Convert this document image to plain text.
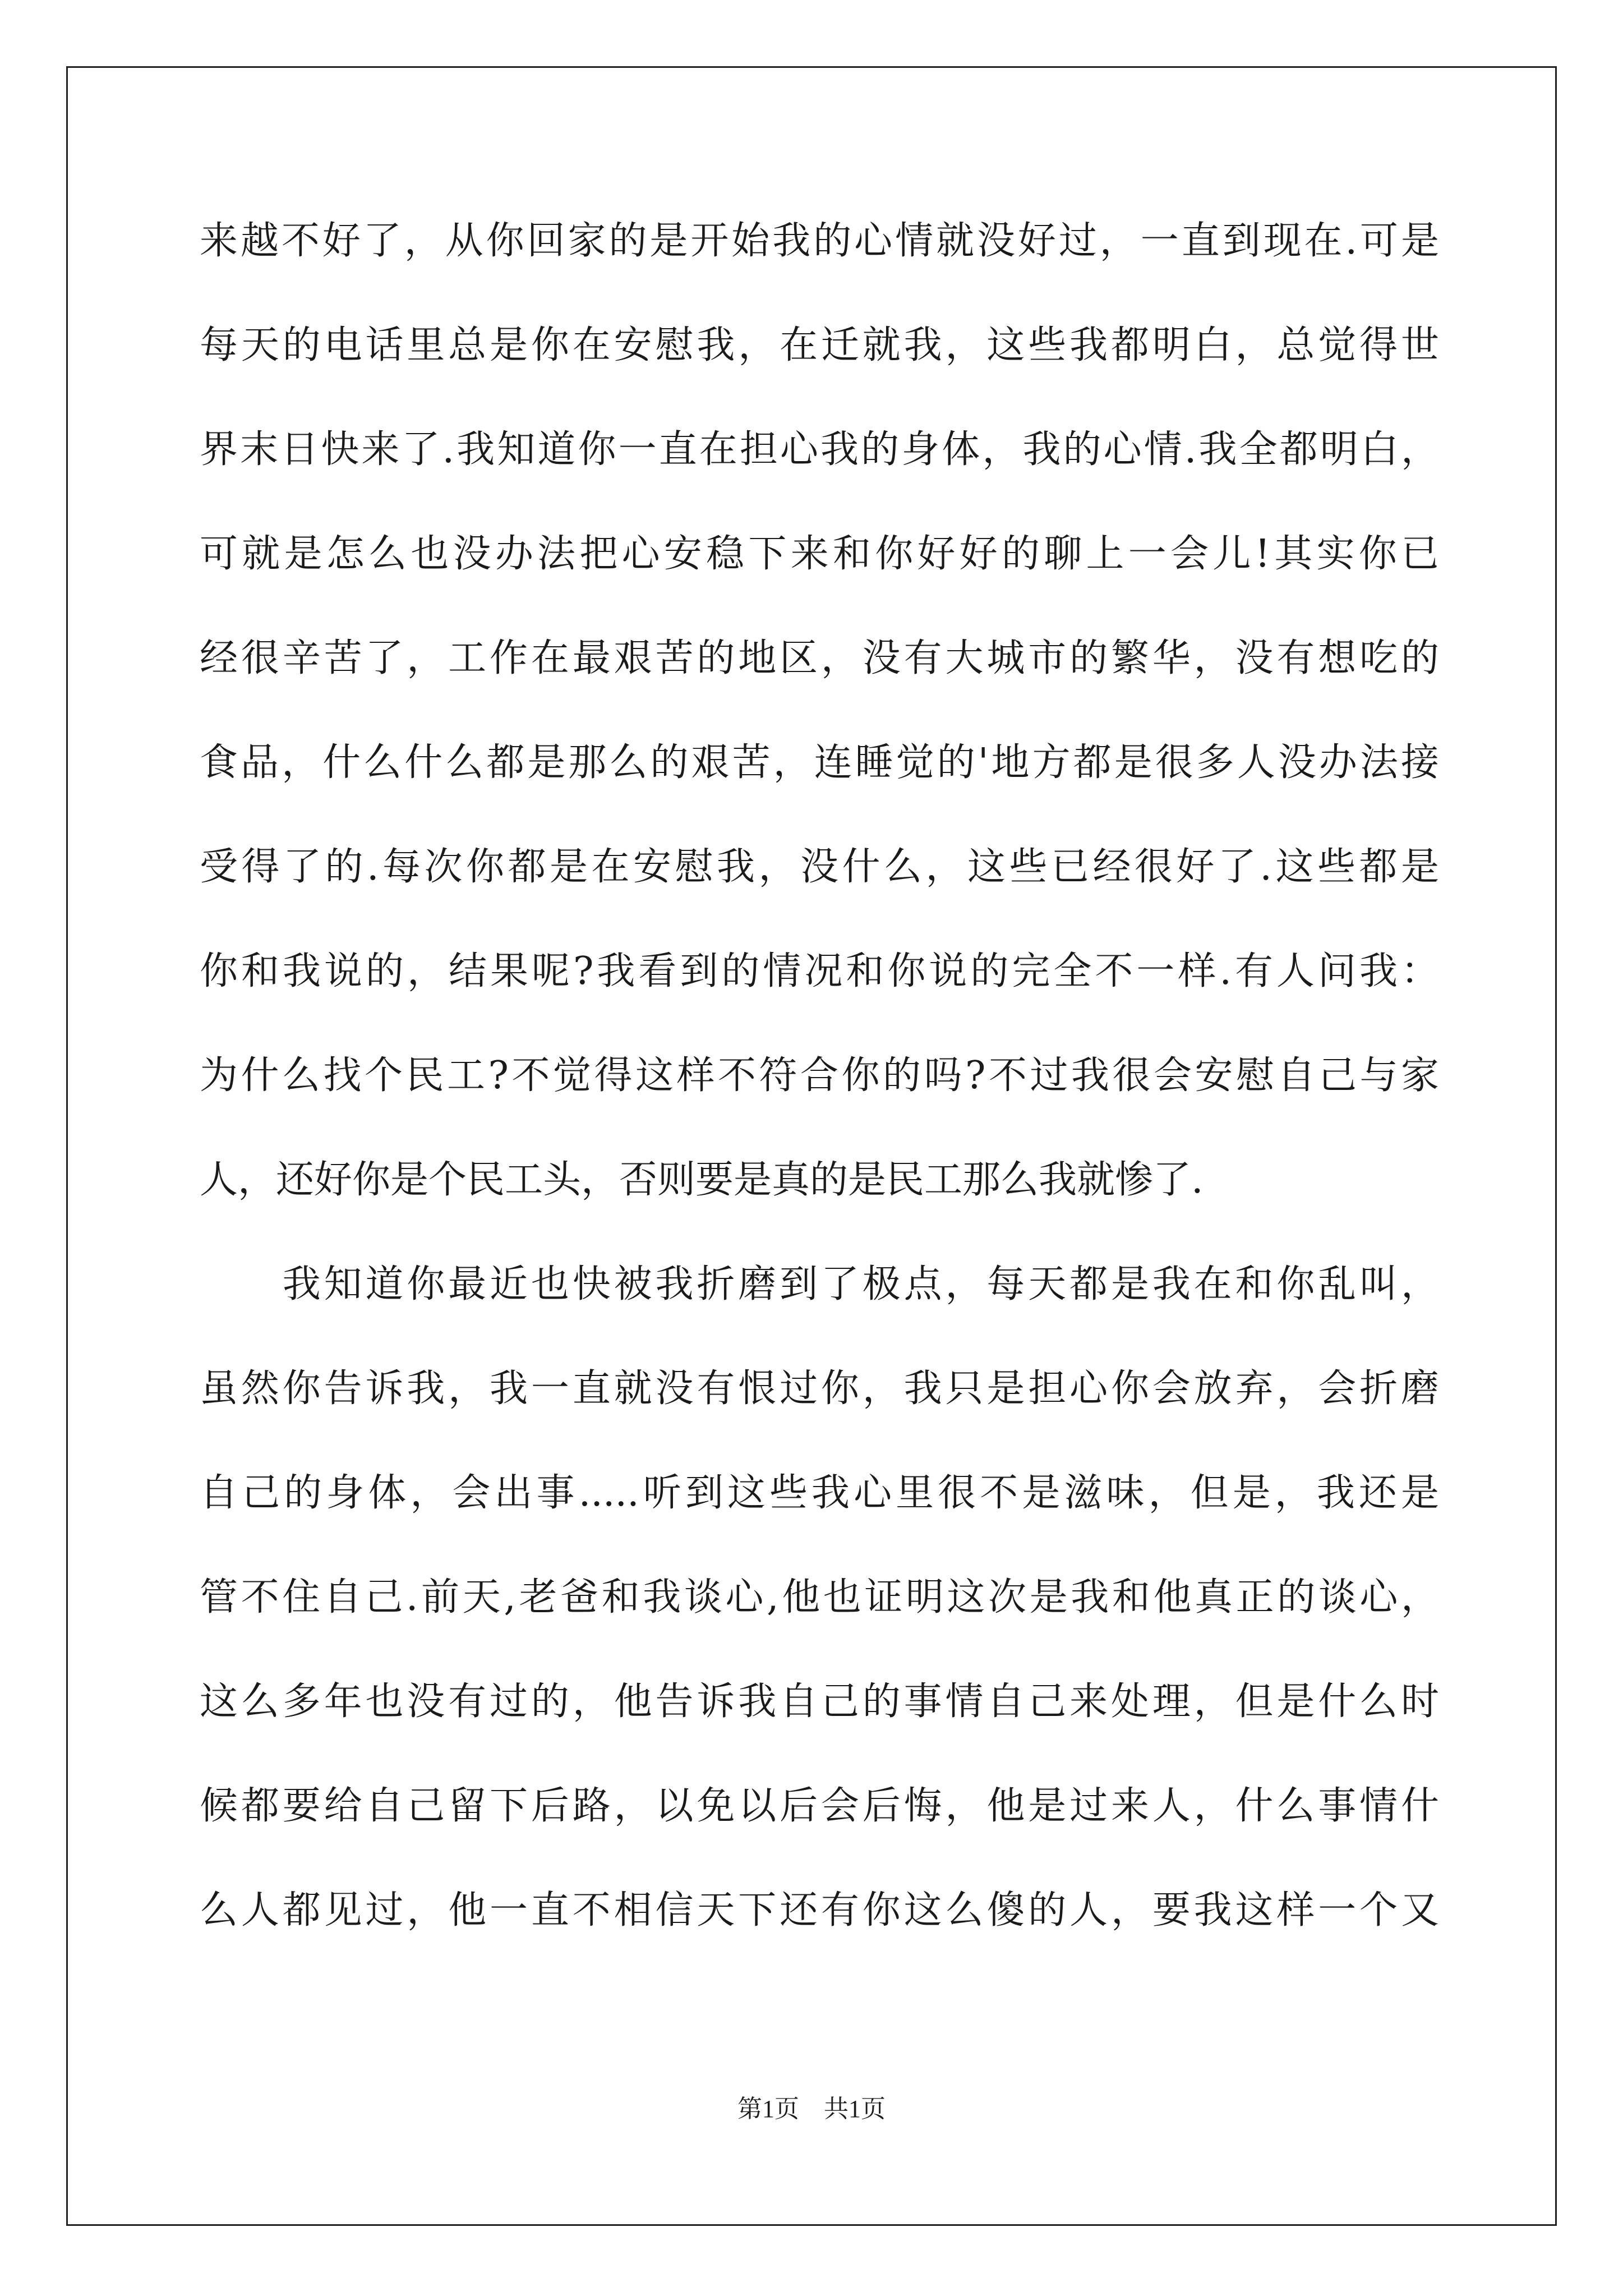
来越不好了，从你回家的是开始我的心情就没好过，一直到现在.可是
每天的电话里总是你在安慰我，在迁就我，这些我都明白，总觉得世
界末日快来了.我知道你一直在担心我的身体，我的心情.我全都明白，
可就是怎么也没办法把心安稳下来和你好好的聊上一会儿!其实你已
经很辛苦了，工作在最艰苦的地区，没有大城市的繁华，没有想吃的
食品，什么什么都是那么的艰苦，连睡觉的'地方都是很多人没办法接
受得了的.每次你都是在安慰我，没什么，这些已经很好了.这些都是
你和我说的，结果呢?我看到的情况和你说的完全不一样.有人问我：
为什么找个民工?不觉得这样不符合你的吗?不过我很会安慰自己与家
人，还好你是个民工头，否则要是真的是民工那么我就惨了.
　　我知道你最近也快被我折磨到了极点，每天都是我在和你乱叫，
虽然你告诉我，我一直就没有恨过你，我只是担心你会放弃，会折磨
自己的身体，会出事.....听到这些我心里很不是滋味，但是，我还是
管不住自己.前天,老爸和我谈心,他也证明这次是我和他真正的谈心，
这么多年也没有过的，他告诉我自己的事情自己来处理，但是什么时
候都要给自己留下后路，以免以后会后悔，他是过来人，什么事情什
么人都见过，他一直不相信天下还有你这么傻的人，要我这样一个又
第1页　共1页
